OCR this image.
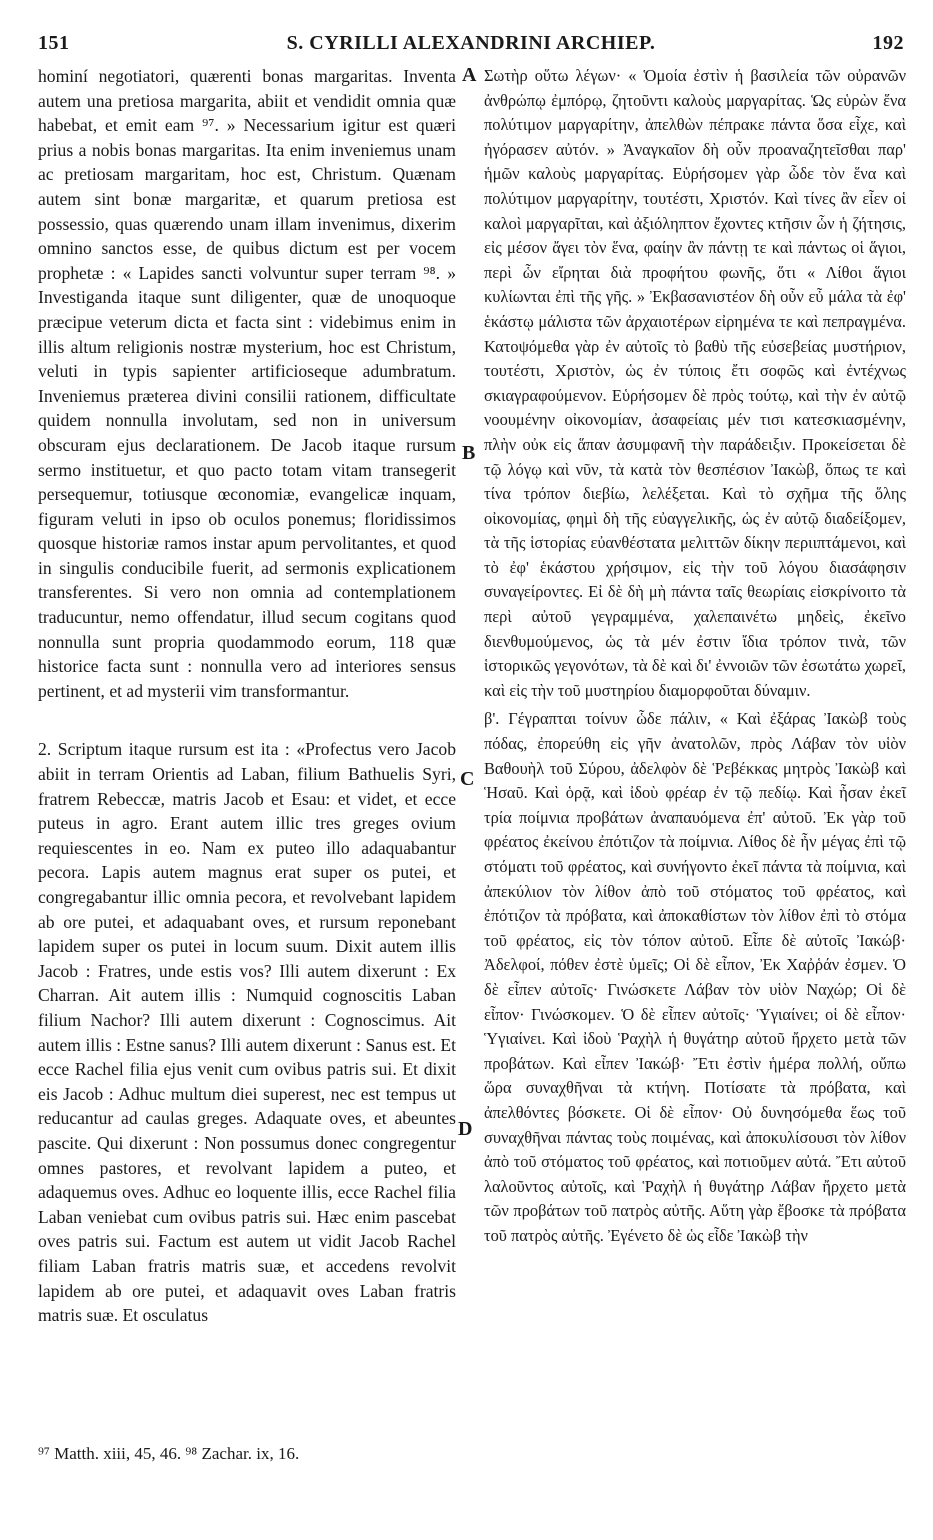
151	S. CYRILLI ALEXANDRINI ARCHIEP.	192

hominí negotiatori, quærenti bonas margaritas. Inventa autem una pretiosa margarita, abiit et vendidit omnia quæ habebat, et emit eam ⁹⁷. » Necessarium igitur est quæri prius a nobis bonas margaritas. Ita enim inveniemus unam ac pretiosam margaritam, hoc est, Christum. Quænam autem sint bonæ margaritæ, et quarum pretiosa est possessio, quas quærendo unam illam invenimus, dixerim omnino sanctos esse, de quibus dictum est per vocem prophetæ : « Lapides sancti volvuntur super terram ⁹⁸. » Investiganda itaque sunt diligenter, quæ de unoquoque præcipue veterum dicta et facta sint : videbimus enim in illis altum religionis nostræ mysterium, hoc est Christum, veluti in typis sapienter artificioseque adumbratum. Inveniemus præterea divini consilii rationem, difficultate quidem nonnulla involutam, sed non in universum obscuram ejus declarationem. De Jacob itaque rursum sermo instituetur, et quo pacto totam vitam transegerit persequemur, totiusque œconomiæ, evangelicæ inquam, figuram veluti in ipso ob oculos ponemus; floridissimos quosque historiæ ramos instar apum pervolitantes, et quod in singulis conducibile fuerit, ad sermonis explicationem transferentes. Si vero non omnia ad contemplationem traducuntur, nemo offendatur, illud secum cogitans quod nonnulla sunt propria quodammodo eorum, 118 quæ historice facta sunt : nonnulla vero ad interiores sensus pertinent, et ad mysterii vim transformantur.

2. Scriptum itaque rursum est ita : «Profectus vero Jacob abiit in terram Orientis ad Laban, filium Bathuelis Syri, fratrem Rebeccæ, matris Jacob et Esau: et videt, et ecce puteus in agro. Erant autem illic tres greges ovium requiescentes in eo. Nam ex puteo illo adaquabantur pecora. Lapis autem magnus erat super os putei, et congregabantur illic omnia pecora, et revolvebant lapidem ab ore putei, et adaquabant oves, et rursum reponebant lapidem super os putei in locum suum. Dixit autem illis Jacob : Fratres, unde estis vos? Illi autem dixerunt : Ex Charran. Ait autem illis : Numquid cognoscitis Laban filium Nachor? Illi autem dixerunt : Cognoscimus. Ait autem illis : Estne sanus? Illi autem dixerunt : Sanus est. Et ecce Rachel filia ejus venit cum ovibus patris sui. Et dixit eis Jacob : Adhuc multum diei superest, nec est tempus ut reducantur ad caulas greges. Adaquate oves, et abeuntes pascite. Qui dixerunt : Non possumus donec congregentur omnes pastores, et revolvant lapidem a puteo, et adaquemus oves. Adhuc eo loquente illis, ecce Rachel filia Laban veniebat cum ovibus patris sui. Hæc enim pascebat oves patris sui. Factum est autem ut vidit Jacob Rachel filiam Laban fratris matris suæ, et accedens revolvit lapidem ab ore putei, et adaquavit oves Laban fratris matris suæ. Et osculatus

A
B
C
D

Σωτὴρ οὕτω λέγων· « Ὁμοία ἐστὶν ἡ βασιλεία τῶν οὐρανῶν ἀνθρώπῳ ἐμπόρῳ, ζητοῦντι καλοὺς μαργαρίτας. Ὡς εὑρὼν ἕνα πολύτιμον μαργαρίτην, ἀπελθὼν πέπρακε πάντα ὅσα εἶχε, καὶ ἠγόρασεν αὐτόν. » Ἀναγκαῖον δὴ οὖν προαναζητεῖσθαι παρ' ἡμῶν καλοὺς μαργαρίτας. Εὑρήσομεν γὰρ ὧδε τὸν ἕνα καὶ πολύτιμον μαργαρίτην, τουτέστι, Χριστόν. Καὶ τίνες ἂν εἶεν οἱ καλοὶ μαργαρῖται, καὶ ἀξιόληπτον ἔχοντες κτῆσιν ὧν ἡ ζήτησις, εἰς μέσον ἄγει τὸν ἕνα, φαίην ἂν πάντῃ τε καὶ πάντως οἱ ἅγιοι, περὶ ὧν εἴρηται διὰ προφήτου φωνῆς, ὅτι « Λίθοι ἅγιοι κυλίωνται ἐπὶ τῆς γῆς. » Ἐκβασανιστέον δὴ οὖν εὖ μάλα τὰ ἐφ' ἑκάστῳ μάλιστα τῶν ἀρχαιοτέρων εἰρημένα τε καὶ πεπραγμένα. Κατοψόμεθα γὰρ ἐν αὐτοῖς τὸ βαθὺ τῆς εὐσεβείας μυστήριον, τουτέστι, Χριστὸν, ὡς ἐν τύποις ἔτι σοφῶς καὶ ἐντέχνως σκιαγραφούμενον. Εὑρήσομεν δὲ πρὸς τούτῳ, καὶ τὴν ἐν αὐτῷ νοουμένην οἰκονομίαν, ἀσαφείαις μέν τισι κατεσκιασμένην, πλὴν οὐκ εἰς ἅπαν ἀσυμφανῆ τὴν παράδειξιν. Προκείσεται δὲ τῷ λόγῳ καὶ νῦν, τὰ κατὰ τὸν θεσπέσιον Ἰακὼβ, ὅπως τε καὶ τίνα τρόπον διεβίω, λελέξεται. Καὶ τὸ σχῆμα τῆς ὅλης οἰκονομίας, φημὶ δὴ τῆς εὐαγγελικῆς, ὡς ἐν αὐτῷ διαδείξομεν, τὰ τῆς ἱστορίας εὐανθέστατα μελιττῶν δίκην περιιπτάμενοι, καὶ τὸ ἐφ' ἑκάστου χρήσιμον, εἰς τὴν τοῦ λόγου διασάφησιν συναγείροντες. Εἰ δὲ δὴ μὴ πάντα ταῖς θεωρίαις εἰσκρίνοιτο τὰ περὶ αὐτοῦ γεγραμμένα, χαλεπαινέτω μηδεὶς, ἐκεῖνο διενθυμούμενος, ὡς τὰ μέν ἐστιν ἴδια τρόπον τινὰ, τῶν ἱστορικῶς γεγονότων, τὰ δὲ καὶ δι' ἐννοιῶν τῶν ἐσωτάτω χωρεῖ, καὶ εἰς τὴν τοῦ μυστηρίου διαμορφοῦται δύναμιν.

β'. Γέγραπται τοίνυν ὧδε πάλιν, « Καὶ ἐξάρας Ἰακὼβ τοὺς πόδας, ἐπορεύθη εἰς γῆν ἀνατολῶν, πρὸς Λάβαν τὸν υἱὸν Βαθουὴλ τοῦ Σύρου, ἀδελφὸν δὲ Ῥεβέκκας μητρὸς Ἰακὼβ καὶ Ἡσαῦ. Καὶ ὁρᾷ, καὶ ἰδοὺ φρέαρ ἐν τῷ πεδίῳ. Καὶ ἦσαν ἐκεῖ τρία ποίμνια προβάτων ἀναπαυόμενα ἐπ' αὐτοῦ. Ἐκ γὰρ τοῦ φρέατος ἐκείνου ἐπότιζον τὰ ποίμνια. Λίθος δὲ ἦν μέγας ἐπὶ τῷ στόματι τοῦ φρέατος, καὶ συνήγοντο ἐκεῖ πάντα τὰ ποίμνια, καὶ ἀπεκύλιον τὸν λίθον ἀπὸ τοῦ στόματος τοῦ φρέατος, καὶ ἐπότιζον τὰ πρόβατα, καὶ ἀποκαθίστων τὸν λίθον ἐπὶ τὸ στόμα τοῦ φρέατος, εἰς τὸν τόπον αὐτοῦ. Εἶπε δὲ αὐτοῖς Ἰακώβ· Ἀδελφοί, πόθεν ἐστὲ ὑμεῖς; Οἱ δὲ εἶπον, Ἐκ Χαῤῥάν ἐσμεν. Ὁ δὲ εἶπεν αὐτοῖς· Γινώσκετε Λάβαν τὸν υἱὸν Ναχώρ; Οἱ δὲ εἶπον· Γινώσκομεν. Ὁ δὲ εἶπεν αὐτοῖς· Ὑγιαίνει; οἱ δὲ εἶπον· Ὑγιαίνει. Καὶ ἰδοὺ Ῥαχὴλ ἡ θυγάτηρ αὐτοῦ ἤρχετο μετὰ τῶν προβάτων. Καὶ εἶπεν Ἰακώβ· Ἔτι ἐστὶν ἡμέρα πολλή, οὔπω ὥρα συναχθῆναι τὰ κτήνη. Ποτίσατε τὰ πρόβατα, καὶ ἀπελθόντες βόσκετε. Οἱ δὲ εἶπον· Οὐ δυνησόμεθα ἕως τοῦ συναχθῆναι πάντας τοὺς ποιμένας, καὶ ἀποκυλίσουσι τὸν λίθον ἀπὸ τοῦ στόματος τοῦ φρέατος, καὶ ποτιοῦμεν αὐτά. Ἔτι αὐτοῦ λαλοῦντος αὐτοῖς, καὶ Ῥαχὴλ ἡ θυγάτηρ Λάβαν ἤρχετο μετὰ τῶν προβάτων τοῦ πατρὸς αὐτῆς. Αὕτη γὰρ ἔβοσκε τὰ πρόβατα τοῦ πατρὸς αὐτῆς. Ἐγένετο δὲ ὡς εἶδε Ἰακὼβ τὴν

⁹⁷ Matth. xiii, 45, 46. ⁹⁸ Zachar. ix, 16.
